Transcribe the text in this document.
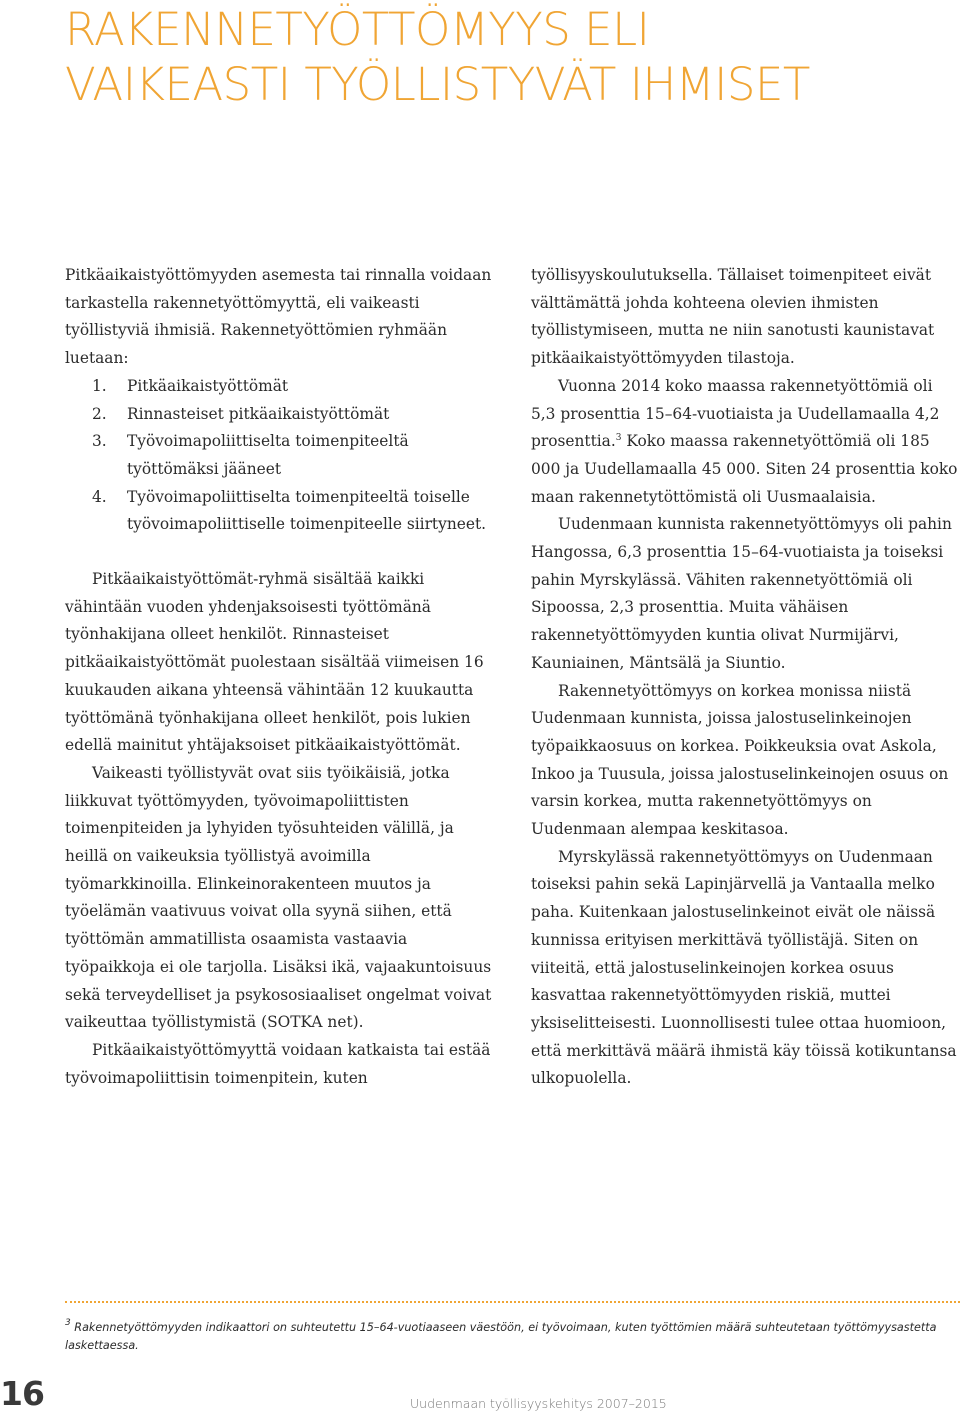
RAKENNETYÖTTÖMYYS ELI
VAIKEASTI TYÖLLISTYVÄT IHMISET

Pitkäaikaistyöttömyyden asemesta tai rinnalla voidaan tarkastella rakennetyöttömyyttä, eli vaikeasti työllistyviä ihmisiä. Rakennetyöttömien ryhmään luetaan:

1. Pitkäaikaistyöttömät
2. Rinnasteiset pitkäaikaistyöttömät
3. Työvoimapoliittiselta toimenpiteeltä työttömäksi jääneet
4. Työvoimapoliittiselta toimenpiteeltä toiselle työvoimapoliittiselle toimenpiteelle siirtyneet.

Pitkäaikaistyöttömät-ryhmä sisältää kaikki vähintään vuoden yhdenjaksoisesti työttömänä työnhakijana olleet henkilöt. Rinnasteiset pitkäaikaistyöttömät puolestaan sisältää viimeisen 16 kuukauden aikana yhteensä vähintään 12 kuukautta työttömänä työnhakijana olleet henkilöt, pois lukien edellä mainitut yhtäjaksoiset pitkäaikaistyöttömät.

Vaikeasti työllistyvät ovat siis työikäisiä, jotka liikkuvat työttömyyden, työvoimapoliittisten toimenpiteiden ja lyhyiden työsuhteiden välillä, ja heillä on vaikeuksia työllistyä avoimilla työmarkkinoilla. Elinkeinorakenteen muutos ja työelämän vaativuus voivat olla syynä siihen, että työttömän ammatillista osaamista vastaavia työpaikkoja ei ole tarjolla. Lisäksi ikä, vajaakuntoisuus sekä terveydelliset ja psykososiaaliset ongelmat voivat vaikeuttaa työllistymistä (SOTKA net).

Pitkäaikaistyöttömyyttä voidaan katkaista tai estää työvoimapoliittisin toimenpitein, kuten

työllisyyskoulutuksella. Tällaiset toimenpiteet eivät välttämättä johda kohteena olevien ihmisten työllistymiseen, mutta ne niin sanotusti kaunistavat pitkäaikaistyöttömyyden tilastoja.

Vuonna 2014 koko maassa rakennetyöttömiä oli 5,3 prosenttia 15–64-vuotiaista ja Uudellamaalla 4,2 prosenttia.$^3$ Koko maassa rakennetyöttömiä oli 185 000 ja Uudellamaalla 45 000. Siten 24 prosenttia koko maan rakennetytöttömistä oli Uusmaalaisia.

Uudenmaan kunnista rakennetyöttömyys oli pahin Hangossa, 6,3 prosenttia 15–64-vuotiaista ja toiseksi pahin Myrskylässä. Vähiten rakennetyöttömiä oli Sipoossa, 2,3 prosenttia. Muita vähäisen rakennetyöttömyyden kuntia olivat Nurmijärvi, Kauniainen, Mäntsälä ja Siuntio.

Rakennetyöttömyys on korkea monissa niistä Uudenmaan kunnista, joissa jalostuselinkeinojen työpaikkaosuus on korkea. Poikkeuksia ovat Askola, Inkoo ja Tuusula, joissa jalostuselinkeinojen osuus on varsin korkea, mutta rakennetyöttömyys on Uudenmaan alempaa keskitasoa.

Myrskylässä rakennetyöttömyys on Uudenmaan toiseksi pahin sekä Lapinjärvellä ja Vantaalla melko paha. Kuitenkaan jalostuselinkeinot eivät ole näissä kunnissa erityisen merkittävä työllistäjä. Siten on viiteitä, että jalostuselinkeinojen korkea osuus kasvattaa rakennetyöttömyyden riskiä, muttei yksiselitteisesti. Luonnollisesti tulee ottaa huomioon, että merkittävä määrä ihmistä käy töissä kotikuntansa ulkopuolella.

$^3$ Rakennetyöttömyyden indikaattori on suhteutettu 15–64-vuotiaaseen väestöön, ei työvoimaan, kuten työttömien määrä suhteutetaan työttömyysastetta laskettaessa.
16	Uudenmaan työllisyyskehitys 2007–2015
